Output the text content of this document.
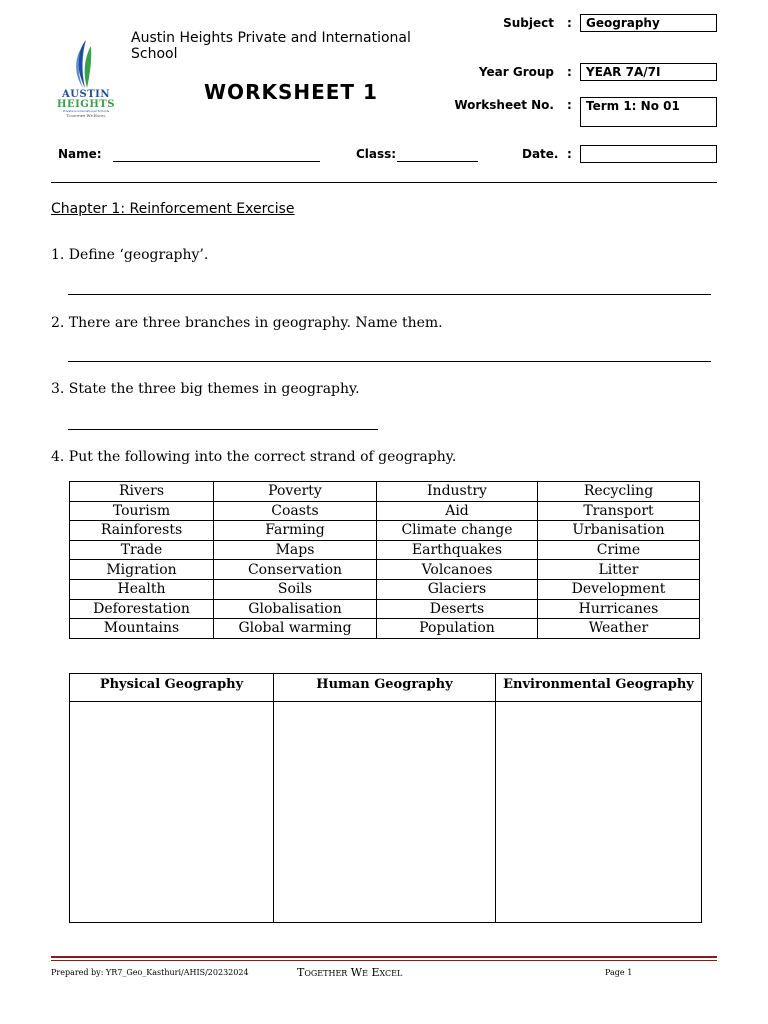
AUSTIN
HEIGHTS
Private & International Schools
Together We Excel
Austin Heights Private and International School
WORKSHEET 1
Subject :	Geography
Year Group :	YEAR 7A/7I
Worksheet No. :	Term 1: No 01
Name:	Class:	Date. :
Chapter 1: Reinforcement Exercise
1. Define ‘geography’.
2. There are three branches in geography. Name them.
3. State the three big themes in geography.
4. Put the following into the correct strand of geography.
Rivers	Poverty	Industry	Recycling
Tourism	Coasts	Aid	Transport
Rainforests	Farming	Climate change	Urbanisation
Trade	Maps	Earthquakes	Crime
Migration	Conservation	Volcanoes	Litter
Health	Soils	Glaciers	Development
Deforestation	Globalisation	Deserts	Hurricanes
Mountains	Global warming	Population	Weather
Physical Geography	Human Geography	Environmental Geography

Prepared by: YR7_Geo_Kasthuri/AHIS/20232024	Together We Excel	Page 1
